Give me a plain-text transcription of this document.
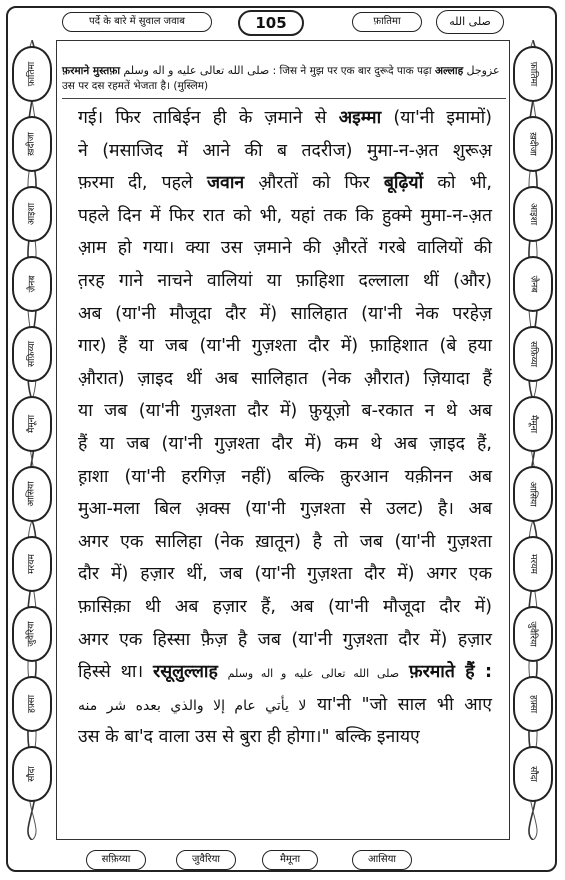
फ़ातिमा
ख़दीजा
आइशा
ज़ैनब
सफ़िय्या
मैमूना
आसिया
मरयम
जुवैरिया
हफ़्सा
सौदा
फ़ातिमा
ख़दीजा
आइशा
ज़ैनब
सफ़िय्या
मैमूना
आसिया
मरयम
जुवैरिया
हफ़्सा
सौदा
पर्दे के बारे में सुवाल जवाब	105	फ़ातिमा	صلى الله
फ़रमाने मुस्तफ़ा صلى الله تعالى عليه و اله وسلم : जिस ने मुझ पर एक बार दुरूदे पाक पढ़ा अल्लाह عزوجل उस पर दस रहमतें भेजता है। (मुस्लिम)
गई। फिर ताबिईन ही के ज़माने से अइम्मा (या'नी इमामों)
ने (मसाजिद में आने की ब तदरीज) मुमा-न-अ़त शुरूअ़
फ़रमा दी, पहले जवान औ़रतों को फिर बूढ़ियों को भी,
पहले दिन में फिर रात को भी, यहां तक कि हुक्मे मुमा-न-अ़त
आ़म हो गया। क्या उस ज़माने की औ़रतें गरबे वालियों की
त़रह गाने नाचने वालियां या फ़ाहिशा दल्लाला थीं (और)
अब (या'नी मौजूदा दौर में) सालिहात (या'नी नेक परहेज़
गार) हैं या जब (या'नी गुज़श्ता दौर में) फ़ाहिशात (बे हया
औ़रात) ज़ाइद थीं अब सालिहात (नेक औ़रात) ज़ियादा हैं
या जब (या'नी गुज़श्ता दौर में) फ़ुयूज़ो ब-रकात न थे अब
हैं या जब (या'नी गुज़श्ता दौर में) कम थे अब ज़ाइद हैं,
ह़ाशा (या'नी हरगिज़ नहीं) बल्कि क़ुरआन यक़ीनन अब
मुआ-मला बिल अ़क्स (या'नी गुज़श्ता से उलट) है। अब
अगर एक सालिहा (नेक ख़ातून) है तो जब (या'नी गुज़श्ता
दौर में) हज़ार थीं, जब (या'नी गुज़श्ता दौर में) अगर एक
फ़ासिक़ा थी अब हज़ार हैं, अब (या'नी मौजूदा दौर में)
अगर एक हिस्सा फ़ैज़ है जब (या'नी गुज़श्ता दौर में) हज़ार
हिस्से था। रसूलुल्लाह صلى الله تعالى عليه و اله وسلم फ़रमाते हैं :
لا يأتي عام إلا والذي بعده شر منه या'नी "जो साल भी आए
उस के बा'द वाला उस से बुरा ही होगा।" बल्कि इनायए
सफ़िय्या	जुवैरिया	मैमूना	आसिया
